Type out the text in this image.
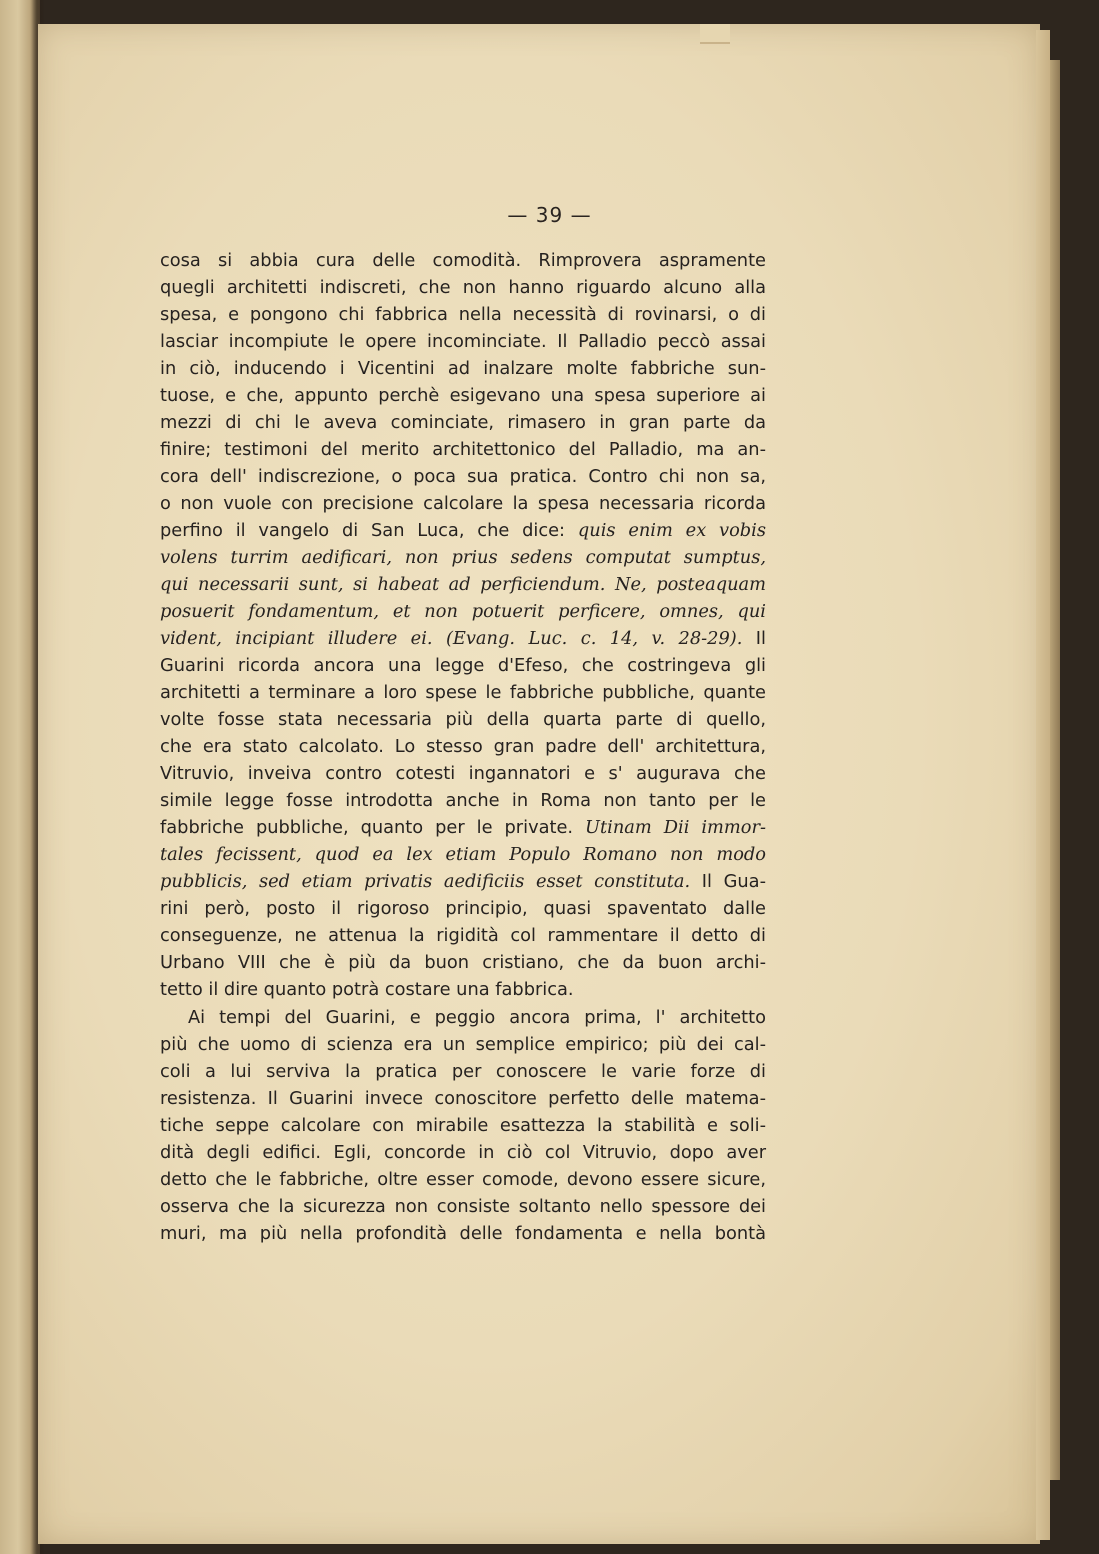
— 39 —
cosa si abbia cura delle comodità. Rimprovera aspramente
quegli architetti indiscreti, che non hanno riguardo alcuno alla
spesa, e pongono chi fabbrica nella necessità di rovinarsi, o di
lasciar incompiute le opere incominciate. Il Palladio peccò assai
in ciò, inducendo i Vicentini ad inalzare molte fabbriche sun-
tuose, e che, appunto perchè esigevano una spesa superiore ai
mezzi di chi le aveva cominciate, rimasero in gran parte da
finire; testimoni del merito architettonico del Palladio, ma an-
cora dell' indiscrezione, o poca sua pratica. Contro chi non sa,
o non vuole con precisione calcolare la spesa necessaria ricorda
perfino il vangelo di San Luca, che dice: quis enim ex vobis
volens turrim aedificari, non prius sedens computat sumptus,
qui necessarii sunt, si habeat ad perficiendum. Ne, posteaquam
posuerit fondamentum, et non potuerit perficere, omnes, qui
vident, incipiant illudere ei. (Evang. Luc. c. 14, v. 28-29). Il
Guarini ricorda ancora una legge d'Efeso, che costringeva gli
architetti a terminare a loro spese le fabbriche pubbliche, quante
volte fosse stata necessaria più della quarta parte di quello,
che era stato calcolato. Lo stesso gran padre dell' architettura,
Vitruvio, inveiva contro cotesti ingannatori e s' augurava che
simile legge fosse introdotta anche in Roma non tanto per le
fabbriche pubbliche, quanto per le private. Utinam Dii immor-
tales fecissent, quod ea lex etiam Populo Romano non modo
pubblicis, sed etiam privatis aedificiis esset constituta. Il Gua-
rini però, posto il rigoroso principio, quasi spaventato dalle
conseguenze, ne attenua la rigidità col rammentare il detto di
Urbano VIII che è più da buon cristiano, che da buon archi-
tetto il dire quanto potrà costare una fabbrica.
Ai tempi del Guarini, e peggio ancora prima, l' architetto
più che uomo di scienza era un semplice empirico; più dei cal-
coli a lui serviva la pratica per conoscere le varie forze di
resistenza. Il Guarini invece conoscitore perfetto delle matema-
tiche seppe calcolare con mirabile esattezza la stabilità e soli-
dità degli edifici. Egli, concorde in ciò col Vitruvio, dopo aver
detto che le fabbriche, oltre esser comode, devono essere sicure,
osserva che la sicurezza non consiste soltanto nello spessore dei
muri, ma più nella profondità delle fondamenta e nella bontà
